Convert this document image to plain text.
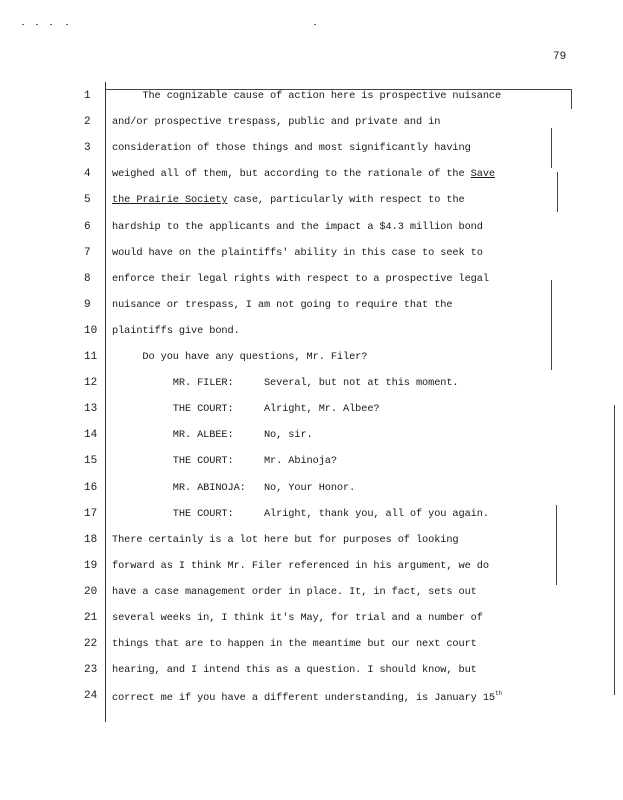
79
1	The cognizable cause of action here is prospective nuisance
2	and/or prospective trespass, public and private and in
3	consideration of those things and most significantly having
4	weighed all of them, but according to the rationale of the Save
5	the Prairie Society case, particularly with respect to the
6	hardship to the applicants and the impact a $4.3 million bond
7	would have on the plaintiffs' ability in this case to seek to
8	enforce their legal rights with respect to a prospective legal
9	nuisance or trespass, I am not going to require that the
10 plaintiffs give bond.
11 Do you have any questions, Mr. Filer?
12 MR. FILER:     Several, but not at this moment.
13 THE COURT:     Alright, Mr. Albee?
14 MR. ALBEE:     No, sir.
15 THE COURT:     Mr. Abinoja?
16 MR. ABINOJA:   No, Your Honor.
17 THE COURT:     Alright, thank you, all of you again.
18 There certainly is a lot here but for purposes of looking
19 forward as I think Mr. Filer referenced in his argument, we do
20 have a case management order in place. It, in fact, sets out
21 several weeks in, I think it's May, for trial and a number of
22 things that are to happen in the meantime but our next court
23 hearing, and I intend this as a question. I should know, but
24 correct me if you have a different understanding, is January 15th
